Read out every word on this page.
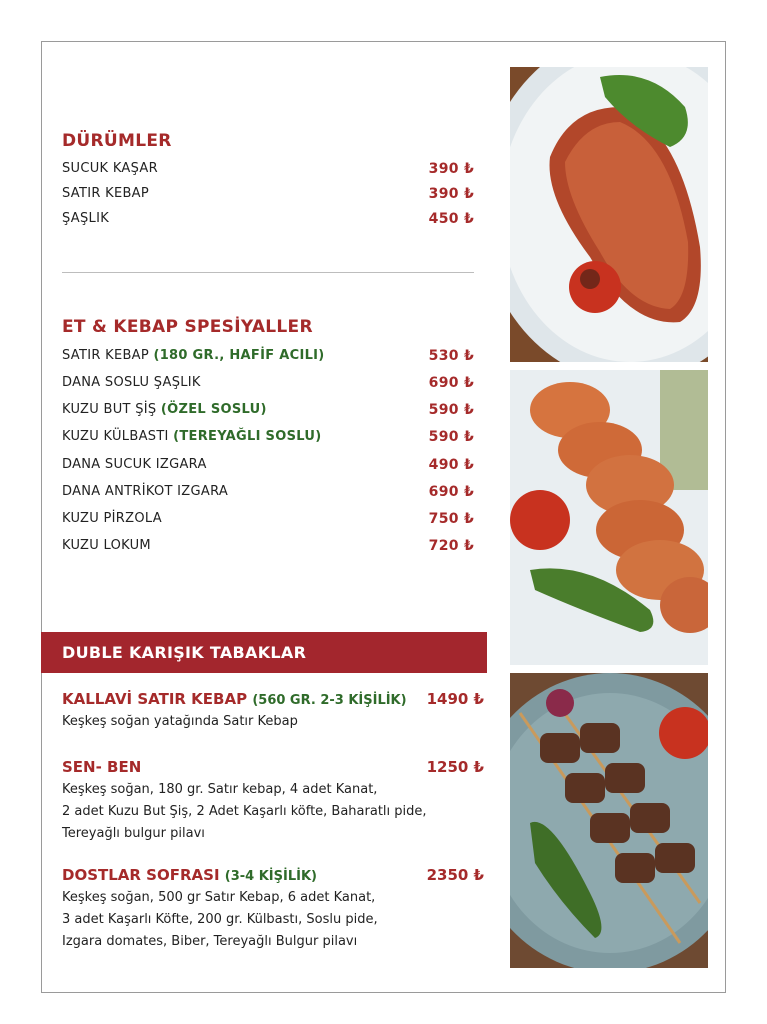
DÜRÜMLER
SUCUK KAŞAR	390 ₺
SATIR KEBAP	390 ₺
ŞAŞLIK	450 ₺
ET & KEBAP SPESİYALLER
SATIR KEBAP (180 GR., HAFİF ACILI)	530 ₺
DANA SOSLU ŞAŞLIK	690 ₺
KUZU BUT ŞİŞ (ÖZEL SOSLU)	590 ₺
KUZU KÜLBASTI (TEREYAĞLI SOSLU)	590 ₺
DANA SUCUK IZGARA	490 ₺
DANA ANTRİKOT IZGARA	690 ₺
KUZU PİRZOLA	750 ₺
KUZU LOKUM	720 ₺
DUBLE KARIŞIK TABAKLAR
KALLAVİ SATIR KEBAP (560 GR. 2-3 KİŞİLİK) 1490 ₺
Keşkeş soğan yatağında Satır Kebap
SEN- BEN	1250 ₺
Keşkeş soğan, 180 gr. Satır kebap, 4 adet Kanat,
2 adet Kuzu But Şiş, 2 Adet Kaşarlı köfte, Baharatlı pide,
Tereyağlı bulgur pilavı
DOSTLAR SOFRASI (3-4 KİŞİLİK)	2350 ₺
Keşkeş soğan, 500 gr Satır Kebap, 6 adet Kanat,
3 adet Kaşarlı Köfte, 200 gr. Külbastı, Soslu pide,
Izgara domates, Biber, Tereyağlı Bulgur pilavı
